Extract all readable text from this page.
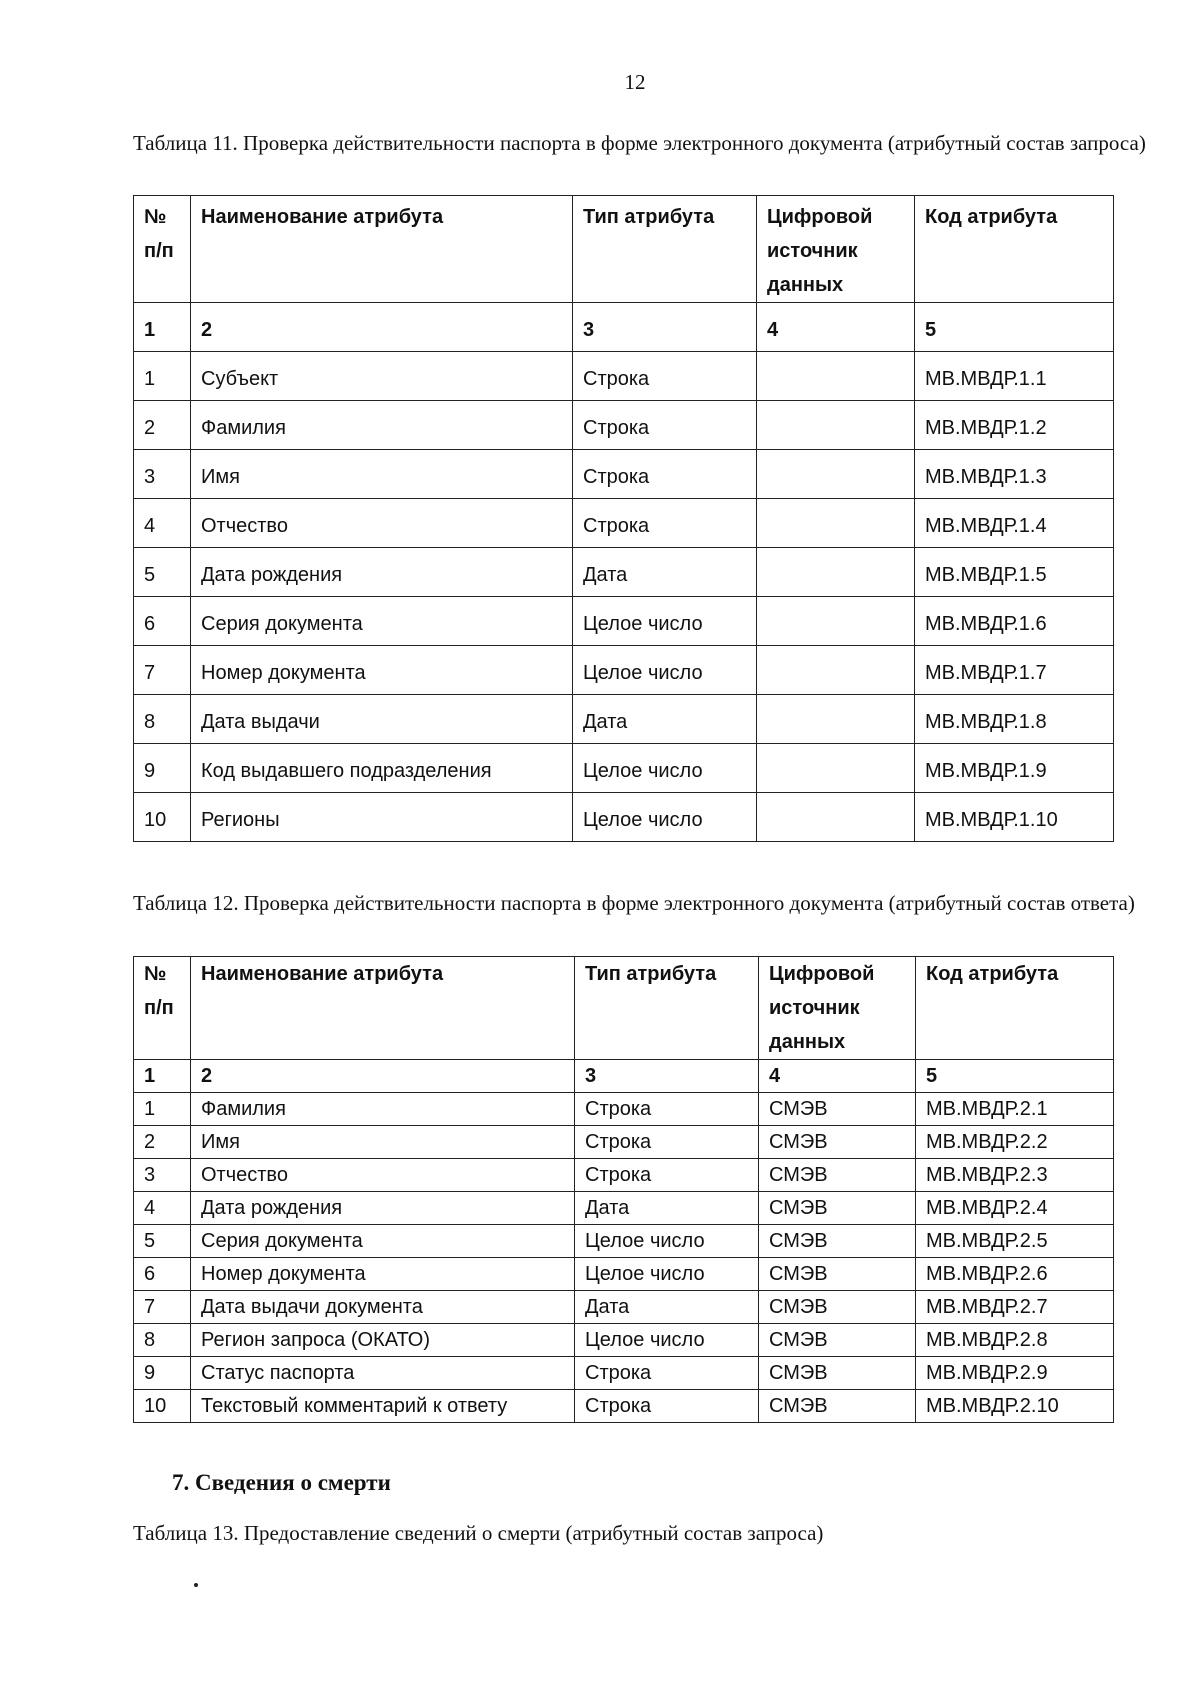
12
Таблица 11. Проверка действительности паспорта в форме электронного документа (атрибутный состав запроса)
№ п/п	Наименование атрибута	Тип атрибута	Цифровой источник данных	Код атрибута
1	2	3	4	5
1	Субъект	Строка		МВ.МВДР.1.1
2	Фамилия	Строка		МВ.МВДР.1.2
3	Имя	Строка		МВ.МВДР.1.3
4	Отчество	Строка		МВ.МВДР.1.4
5	Дата рождения	Дата		МВ.МВДР.1.5
6	Серия документа	Целое число		МВ.МВДР.1.6
7	Номер документа	Целое число		МВ.МВДР.1.7
8	Дата выдачи	Дата		МВ.МВДР.1.8
9	Код выдавшего подразделения	Целое число		МВ.МВДР.1.9
10	Регионы	Целое число		МВ.МВДР.1.10
Таблица 12. Проверка действительности паспорта в форме электронного документа (атрибутный состав ответа)
№ п/п	Наименование атрибута	Тип атрибута	Цифровой источник данных	Код атрибута
1	2	3	4	5
1	Фамилия	Строка	СМЭВ	МВ.МВДР.2.1
2	Имя	Строка	СМЭВ	МВ.МВДР.2.2
3	Отчество	Строка	СМЭВ	МВ.МВДР.2.3
4	Дата рождения	Дата	СМЭВ	МВ.МВДР.2.4
5	Серия документа	Целое число	СМЭВ	МВ.МВДР.2.5
6	Номер документа	Целое число	СМЭВ	МВ.МВДР.2.6
7	Дата выдачи документа	Дата	СМЭВ	МВ.МВДР.2.7
8	Регион запроса (ОКАТО)	Целое число	СМЭВ	МВ.МВДР.2.8
9	Статус паспорта	Строка	СМЭВ	МВ.МВДР.2.9
10	Текстовый комментарий к ответу	Строка	СМЭВ	МВ.МВДР.2.10
7. Сведения о смерти
Таблица 13. Предоставление сведений о смерти (атрибутный состав запроса)
